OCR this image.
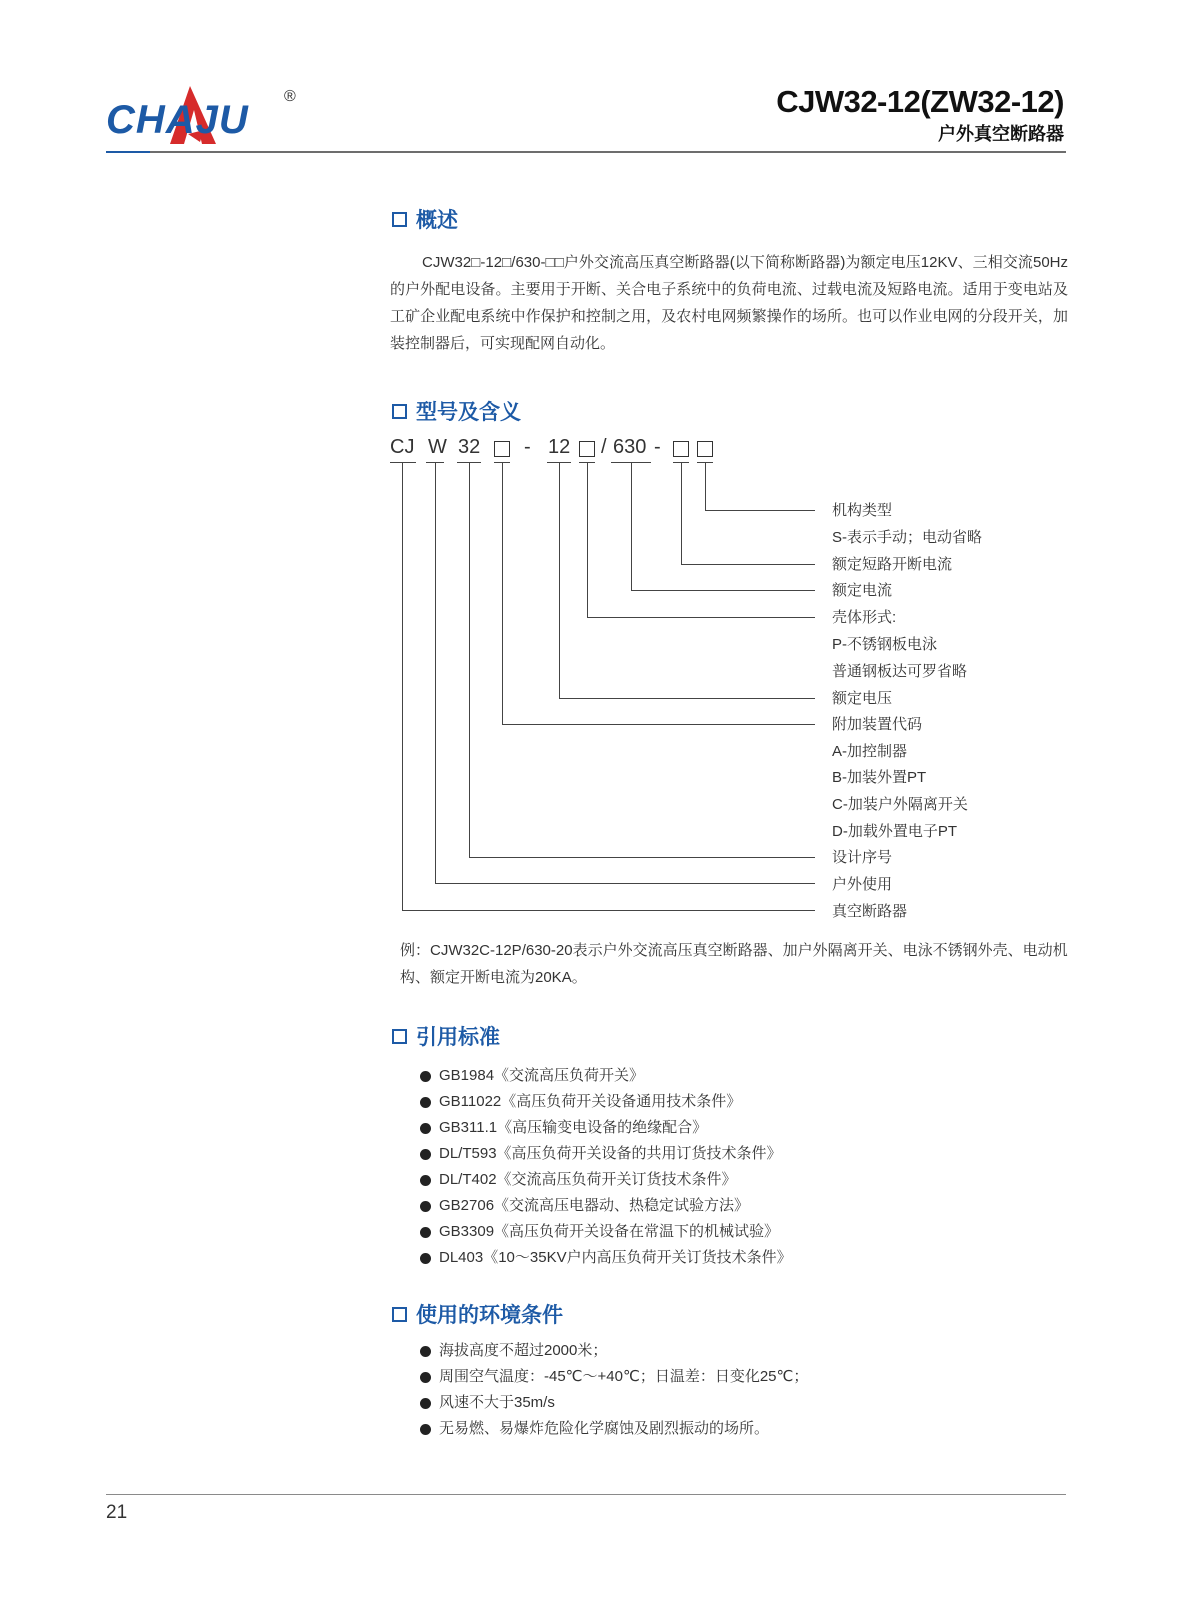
CHAJU
®	CJW32-12(ZW32-12)
户外真空断路器
概述
CJW32□-12□/630-□□户外交流高压真空断路器(以下简称断路器)为额定电压12KV、三相交流50Hz的户外配电设备。主要用于开断、关合电子系统中的负荷电流、过载电流及短路电流。适用于变电站及工矿企业配电系统中作保护和控制之用，及农村电网频繁操作的场所。也可以作业电网的分段开关，加装控制器后，可实现配网自动化。
型号及含义
CJ W 32 - 12 / 630 -
机构类型
S-表示手动；电动省略
额定短路开断电流
额定电流
壳体形式:
P-不锈钢板电泳
普通钢板达可罗省略
额定电压
附加装置代码
A-加控制器
B-加装外置PT
C-加装户外隔离开关
D-加载外置电子PT
设计序号
户外使用
真空断路器
例：CJW32C-12P/630-20表示户外交流高压真空断路器、加户外隔离开关、电泳不锈钢外壳、电动机构、额定开断电流为20KA。
引用标准
GB1984《交流高压负荷开关》
GB11022《高压负荷开关设备通用技术条件》
GB311.1《高压输变电设备的绝缘配合》
DL/T593《高压负荷开关设备的共用订货技术条件》
DL/T402《交流高压负荷开关订货技术条件》
GB2706《交流高压电器动、热稳定试验方法》
GB3309《高压负荷开关设备在常温下的机械试验》
DL403《10～35KV户内高压负荷开关订货技术条件》
使用的环境条件
海拔高度不超过2000米；
周围空气温度：-45℃～+40℃；日温差：日变化25℃；
风速不大于35m/s
无易燃、易爆炸危险化学腐蚀及剧烈振动的场所。
21
